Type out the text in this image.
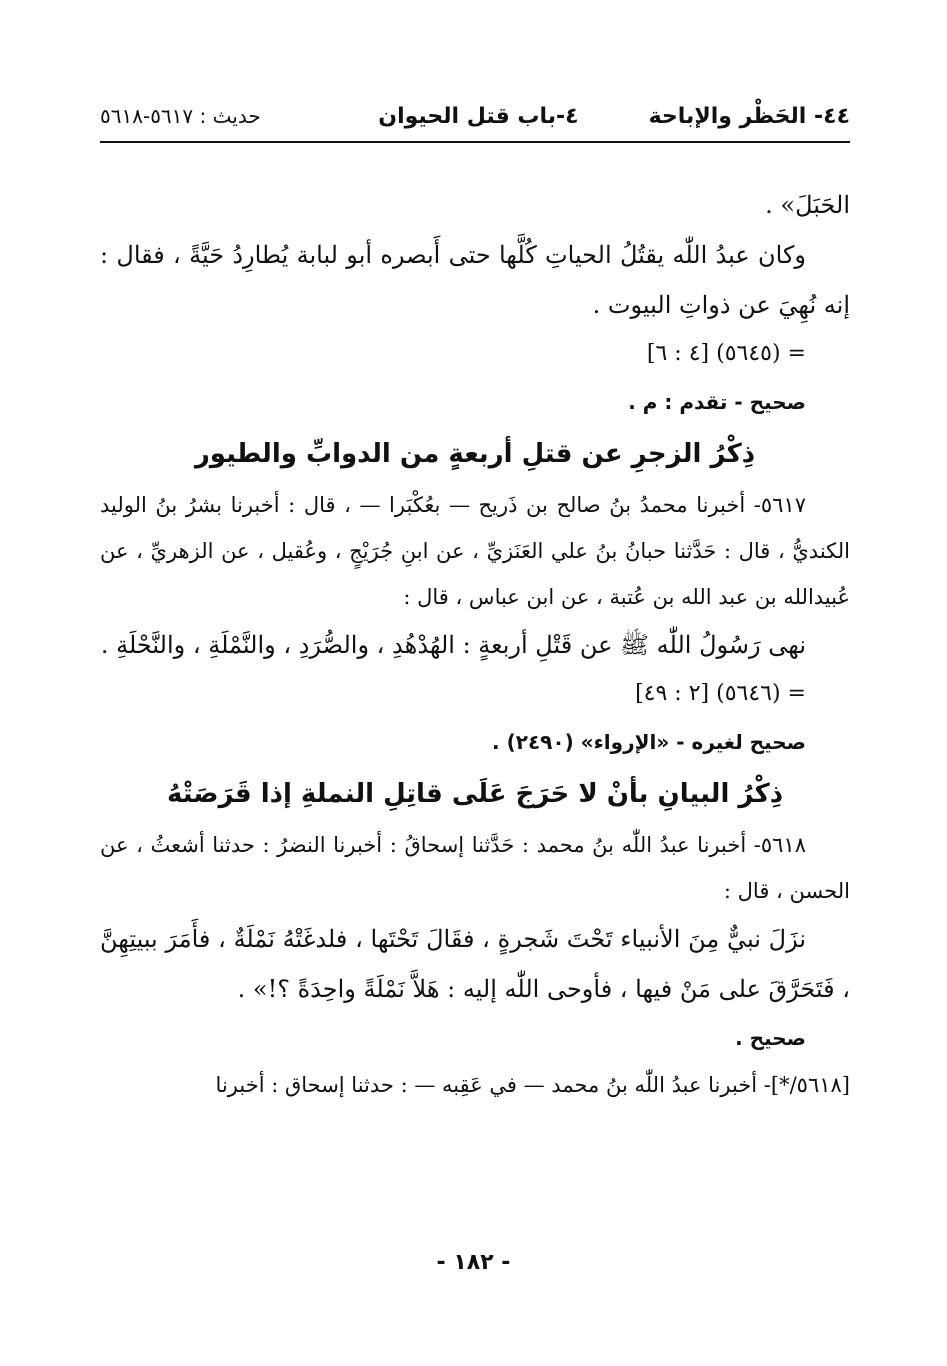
٤٤- الحَظْر والإباحة
٤-باب قتل الحيوان
حديث : ٥٦١٧-٥٦١٨

الحَبَلَ» .

وكان عبدُ اللّٰه يقتُلُ الحياتِ كُلَّها حتى أَبصره أبو لبابة يُطارِدُ حَيَّةً ، فقال : إنه نُهِيَ عن ذواتِ البيوت .

= (٥٦٤٥) [٤ : ٦]

صحيح - تقدم : م .

ذِكْرُ الزجرِ عن قتلِ أربعةٍ من الدوابِّ والطيور

٥٦١٧- أخبرنا محمدُ بنُ صالح بن ذَريح — بعُكْبَرا — ، قال : أخبرنا بشرُ بنُ الوليد الكنديُّ ، قال : حَدَّثنا حبانُ بنُ علي العَنَزيِّ ، عن ابنِ جُرَيْجٍ ، وعُقيل ، عن الزهريِّ ، عن عُبيدالله بن عبد الله بن عُتبة ، عن ابن عباس ، قال :

نهى رَسُولُ اللّٰه ﷺ عن قَتْلِ أربعةٍ : الهُدْهُدِ ، والصُّرَدِ ، والنَّمْلَةِ ، والنَّحْلَةِ .

= (٥٦٤٦) [٢ : ٤٩]

صحيح لغيره - «الإرواء» (٢٤٩٠) .

ذِكْرُ البيانِ بأنْ لا حَرَجَ عَلَى قاتِلِ النملةِ إذا قَرَصَتْهُ

٥٦١٨- أخبرنا عبدُ اللّٰه بنُ محمد : حَدَّثنا إسحاقُ : أخبرنا النضرُ : حدثنا أشعثُ ، عن الحسن ، قال :

نزَلَ نبيٌّ مِنَ الأنبياء تَحْتَ شَجرةٍ ، فقَالَ تَحْتَها ، فلدغَتْهُ نَمْلَةٌ ، فأَمَرَ ببيتِهِنَّ ، فَتَحَرَّقَ على مَنْ فيها ، فأوحى اللّٰه إليه : هَلاَّ نَمْلَةً واحِدَةً ؟!» .

صحيح .

[٥٦١٨/*]- أخبرنا عبدُ اللّٰه بنُ محمد — في عَقِبه — : حدثنا إسحاق : أخبرنا

- ١٨٢ -
